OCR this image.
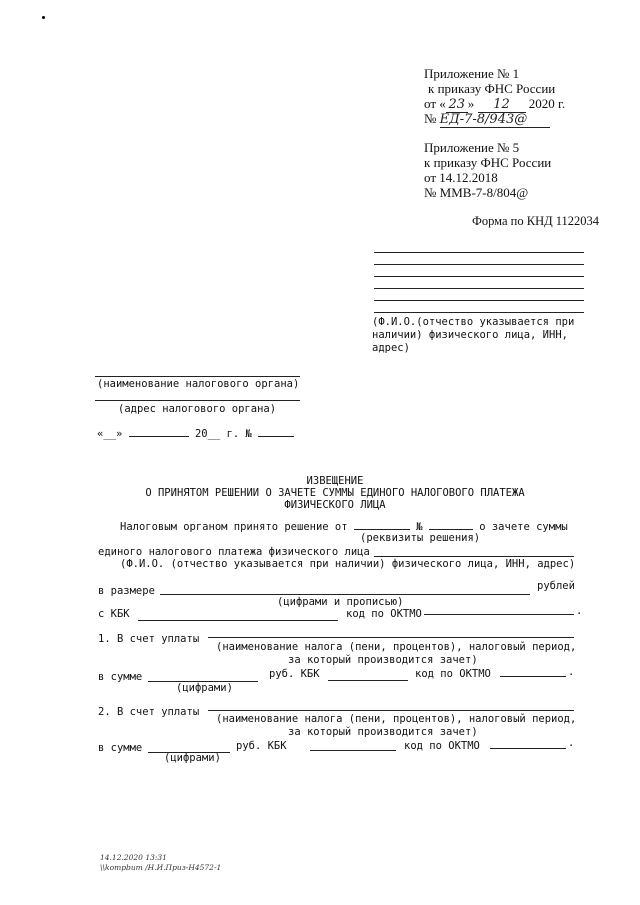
Приложение № 1
к приказу ФНС России
от « 23 » 12 2020 г.
№ ЕД-7-8/943@
Приложение № 5
к приказу ФНС России
от 14.12.2018
№ ММВ-7-8/804@
Форма по КНД 1122034
(Ф.И.О.(отчество указывается при
наличии) физического лица, ИНН,
адрес)
(наименование налогового органа)
(адрес налогового органа)
«__»	20__ г. №
ИЗВЕЩЕНИЕ
О ПРИНЯТОМ РЕШЕНИИ О ЗАЧЕТЕ СУММЫ ЕДИНОГО НАЛОГОВОГО ПЛАТЕЖА
ФИЗИЧЕСКОГО ЛИЦА
Налоговым органом принято решение от	№	о зачете суммы
(реквизиты решения)
единого налогового платежа физического лица
(Ф.И.О. (отчество указывается при наличии) физического лица, ИНН, адрес)
в размере	рублей
(цифрами и прописью)
с КБК	код по ОКТМО	.
1. В счет уплаты
(наименование налога (пени, процентов), налоговый период,
за который производится зачет)
в сумме	руб. КБК	код по ОКТМО	.
(цифрами)
2. В счет уплаты
(наименование налога (пени, процентов), налоговый период,
за который производится зачет)
в сумме	руб. КБК	код по ОКТМО	.
(цифрами)
14.12.2020 13:31
\\kompbum /Н.И.Приз-Н4572-1
